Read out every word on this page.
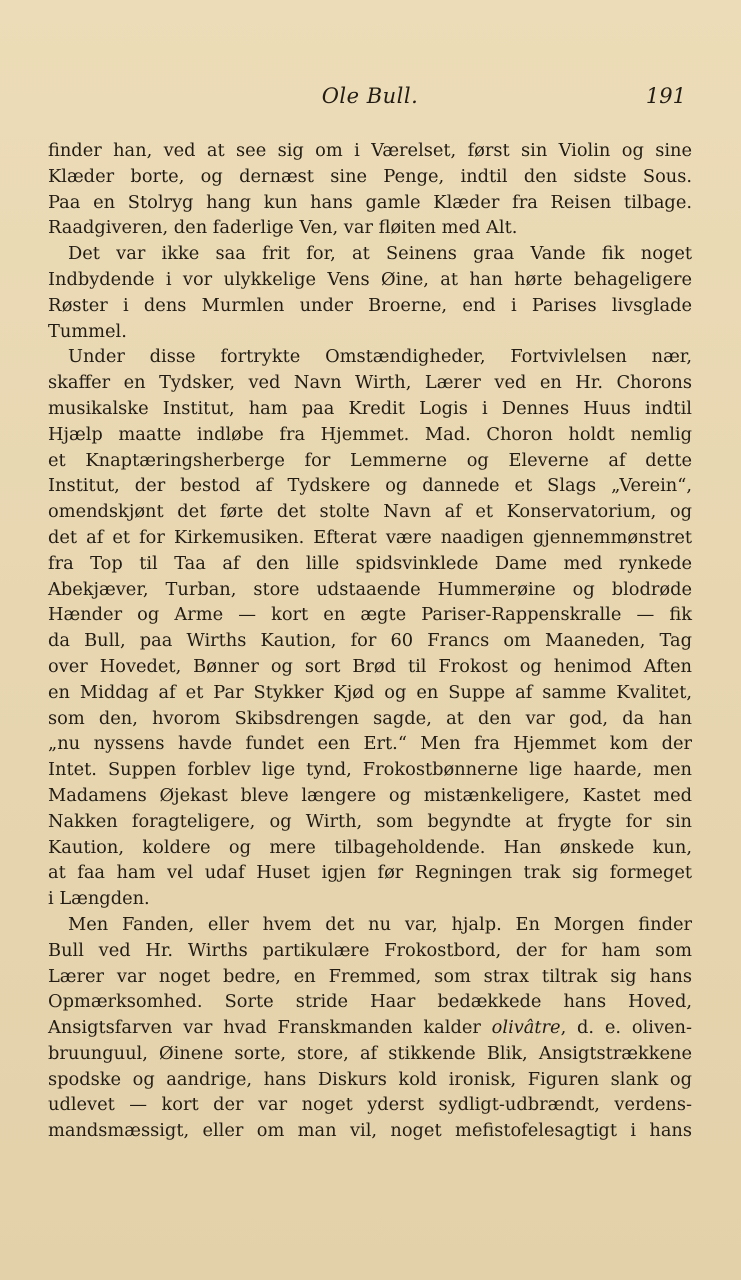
Ole Bull.	191
finder han, ved at see sig om i Værelset, først sin Violin og sine
Klæder borte, og dernæst sine Penge, indtil den sidste Sous.
Paa en Stolryg hang kun hans gamle Klæder fra Reisen tilbage.
Raadgiveren, den faderlige Ven, var fløiten med Alt.
Det var ikke saa frit for, at Seinens graa Vande fik noget
Indbydende i vor ulykkelige Vens Øine, at han hørte behageligere
Røster i dens Murmlen under Broerne, end i Parises livsglade
Tummel.
Under disse fortrykte Omstændigheder, Fortvivlelsen nær,
skaffer en Tydsker, ved Navn Wirth, Lærer ved en Hr. Chorons
musikalske Institut, ham paa Kredit Logis i Dennes Huus indtil
Hjælp maatte indløbe fra Hjemmet. Mad. Choron holdt nemlig
et Knaptæringsherberge for Lemmerne og Eleverne af dette
Institut, der bestod af Tydskere og dannede et Slags „Verein“,
omendskjønt det førte det stolte Navn af et Konservatorium, og
det af et for Kirkemusiken. Efterat være naadigen gjennemmønstret
fra Top til Taa af den lille spidsvinklede Dame med rynkede
Abekjæver, Turban, store udstaaende Hummerøine og blodrøde
Hænder og Arme — kort en ægte Pariser-Rappenskralle — fik
da Bull, paa Wirths Kaution, for 60 Francs om Maaneden, Tag
over Hovedet, Bønner og sort Brød til Frokost og henimod Aften
en Middag af et Par Stykker Kjød og en Suppe af samme Kvalitet,
som den, hvorom Skibsdrengen sagde, at den var god, da han
„nu nyssens havde fundet een Ert.“ Men fra Hjemmet kom der
Intet. Suppen forblev lige tynd, Frokostbønnerne lige haarde, men
Madamens Øjekast bleve længere og mistænkeligere, Kastet med
Nakken foragteligere, og Wirth, som begyndte at frygte for sin
Kaution, koldere og mere tilbageholdende. Han ønskede kun,
at faa ham vel udaf Huset igjen før Regningen trak sig formeget
i Længden.
Men Fanden, eller hvem det nu var, hjalp. En Morgen finder
Bull ved Hr. Wirths partikulære Frokostbord, der for ham som
Lærer var noget bedre, en Fremmed, som strax tiltrak sig hans
Opmærksomhed. Sorte stride Haar bedækkede hans Hoved,
Ansigtsfarven var hvad Franskmanden kalder olivâtre, d. e. oliven-
bruunguul, Øinene sorte, store, af stikkende Blik, Ansigtstrækkene
spodske og aandrige, hans Diskurs kold ironisk, Figuren slank og
udlevet — kort der var noget yderst sydligt-udbrændt, verdens-
mandsmæssigt, eller om man vil, noget mefistofelesagtigt i hans
